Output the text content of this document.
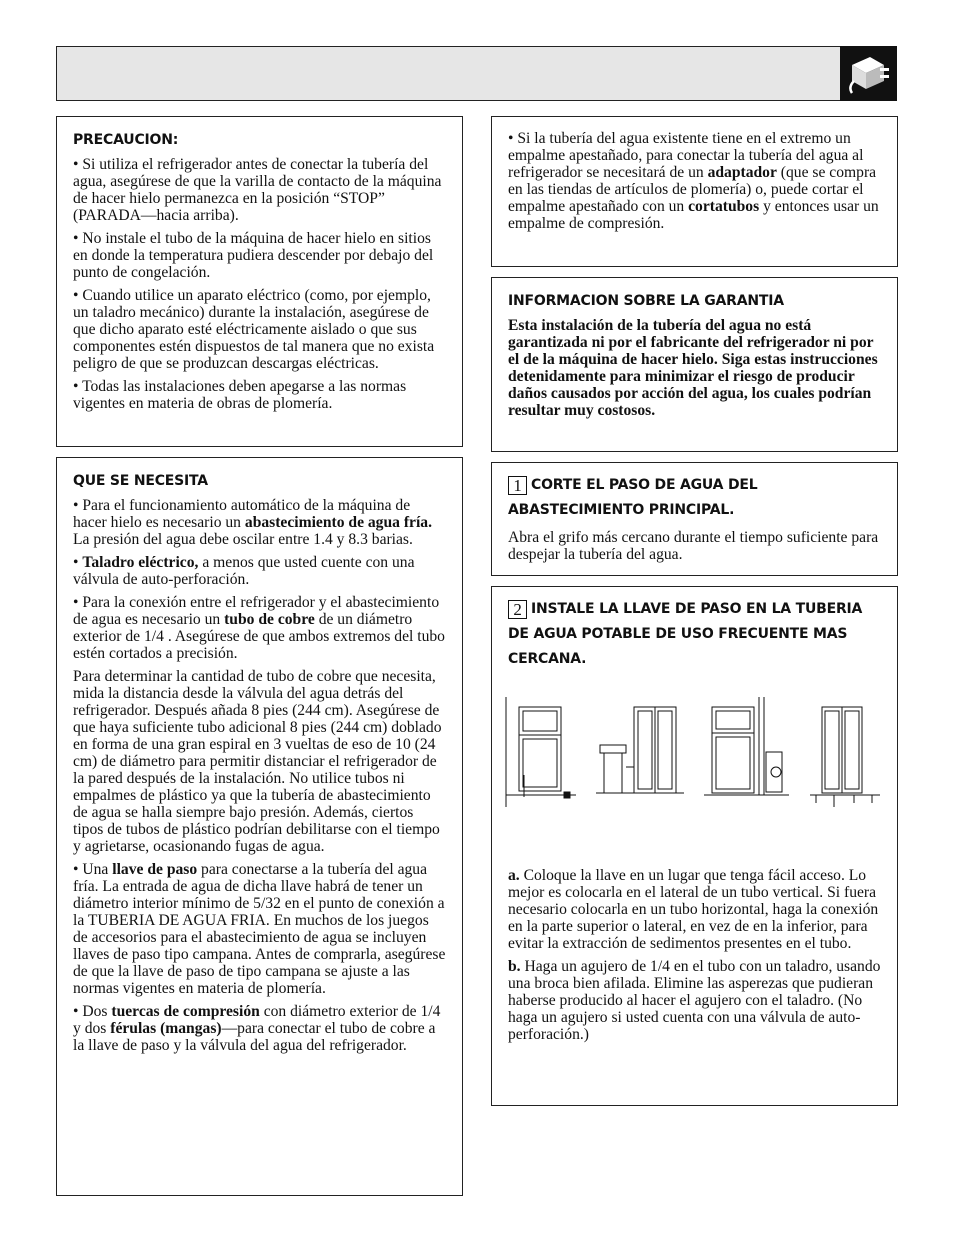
PRECAUCION:

• Si utiliza el refrigerador antes de conectar la tubería del agua, asegúrese de que la varilla de contacto de la máquina de hacer hielo permanezca en la posición “STOP” (PARADA—hacia arriba).

• No instale el tubo de la máquina de hacer hielo en sitios en donde la temperatura pudiera descender por debajo del punto de congelación.

• Cuando utilice un aparato eléctrico (como, por ejemplo, un taladro mecánico) durante la instalación, asegúrese de que dicho aparato esté eléctricamente aislado o que sus componentes estén dispuestos de tal manera que no exista peligro de que se produzcan descargas eléctricas.

• Todas las instalaciones deben apegarse a las normas vigentes en materia de obras de plomería.

QUE SE NECESITA

• Para el funcionamiento automático de la máquina de hacer hielo es necesario un abastecimiento de agua fría. La presión del agua debe oscilar entre 1.4 y 8.3 barias.

• Taladro eléctrico, a menos que usted cuente con una válvula de auto-perforación.

• Para la conexión entre el refrigerador y el abastecimiento de agua es necesario un tubo de cobre de un diámetro exterior de 1/4 . Asegúrese de que ambos extremos del tubo estén cortados a precisión.

Para determinar la cantidad de tubo de cobre que necesita, mida la distancia desde la válvula del agua detrás del refrigerador. Después añada 8 pies (244 cm). Asegúrese de que haya suficiente tubo adicional 8 pies (244 cm) doblado en forma de una gran espiral en 3 vueltas de eso de 10 (24 cm) de diámetro para permitir distanciar el refrigerador de la pared después de la instalación. No utilice tubos ni empalmes de plástico ya que la tubería de abastecimiento de agua se halla siempre bajo presión. Además, ciertos tipos de tubos de plástico podrían debilitarse con el tiempo y agrietarse, ocasionando fugas de agua.

• Una llave de paso para conectarse a la tubería del agua fría. La entrada de agua de dicha llave habrá de tener un diámetro interior mínimo de 5/32 en el punto de conexión a la TUBERIA DE AGUA FRIA. En muchos de los juegos de accesorios para el abastecimiento de agua se incluyen llaves de paso tipo campana. Antes de comprarla, asegúrese de que la llave de paso de tipo campana se ajuste a las normas vigentes en materia de plomería.

• Dos tuercas de compresión con diámetro exterior de 1/4 y dos férulas (mangas)—para conectar el tubo de cobre a la llave de paso y la válvula del agua del refrigerador.

• Si la tubería del agua existente tiene en el extremo un empalme apestañado, para conectar la tubería del agua al refrigerador se necesitará de un adaptador (que se compra en las tiendas de artículos de plomería) o, puede cortar el empalme apestañado con un cortatubos y entonces usar un empalme de compresión.

INFORMACION SOBRE LA GARANTIA

Esta instalación de la tubería del agua no está garantizada ni por el fabricante del refrigerador ni por el de la máquina de hacer hielo. Siga estas instrucciones detenidamente para minimizar el riesgo de producir daños causados por acción del agua, los cuales podrían resultar muy costosos.

1 CORTE EL PASO DE AGUA DEL ABASTECIMIENTO PRINCIPAL.

Abra el grifo más cercano durante el tiempo suficiente para despejar la tubería del agua.

2 INSTALE LA LLAVE DE PASO EN LA TUBERIA DE AGUA POTABLE DE USO FRECUENTE MAS CERCANA.

a. Coloque la llave en un lugar que tenga fácil acceso. Lo mejor es colocarla en el lateral de un tubo vertical. Si fuera necesario colocarla en un tubo horizontal, haga la conexión en la parte superior o lateral, en vez de en la inferior, para evitar la extracción de sedimentos presentes en el tubo.

b. Haga un agujero de 1/4 en el tubo con un taladro, usando una broca bien afilada. Elimine las asperezas que pudieran haberse producido al hacer el agujero con el taladro. (No haga un agujero si usted cuenta con una válvula de auto-perforación.)
